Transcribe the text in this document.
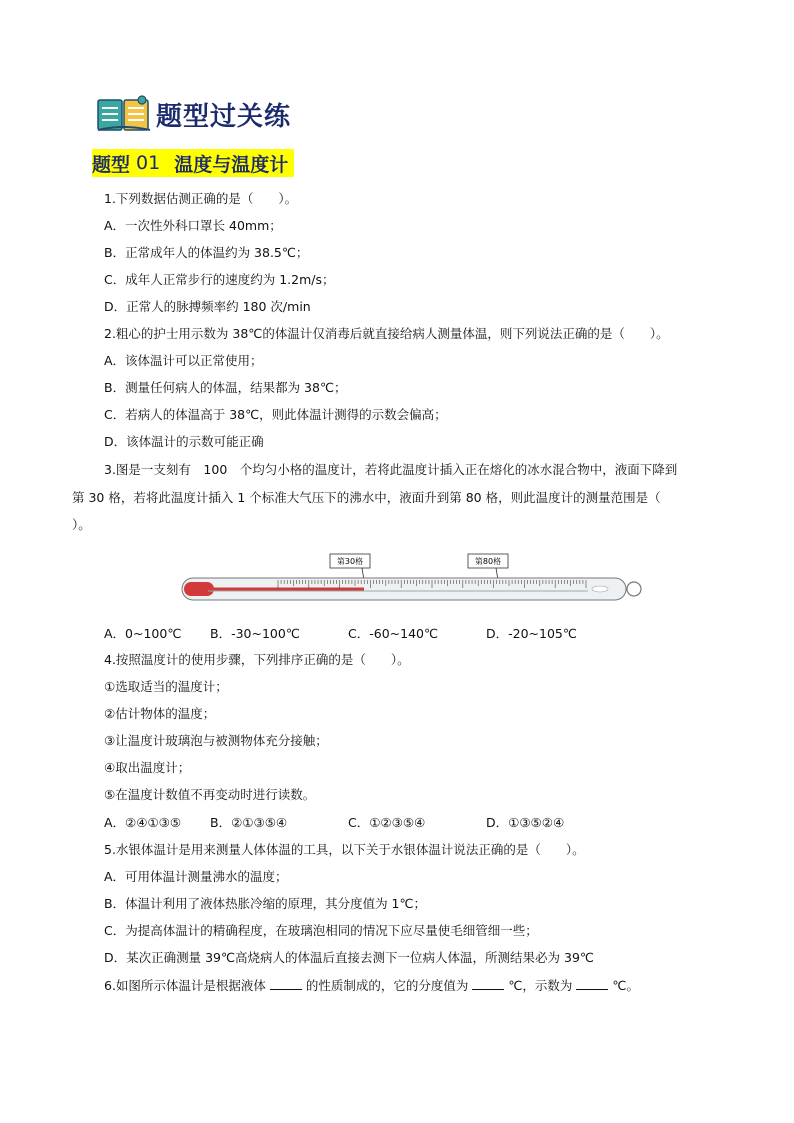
题型过关练
题型 01 温度与温度计
1.下列数据估测正确的是（　　）。
A．一次性外科口罩长 40mm；
B．正常成年人的体温约为 38.5℃；
C．成年人正常步行的速度约为 1.2m/s；
D．正常人的脉搏频率约 180 次/min
2.粗心的护士用示数为 38℃的体温计仅消毒后就直接给病人测量体温，则下列说法正确的是（　　）。
A．该体温计可以正常使用；
B．测量任何病人的体温，结果都为 38℃；
C．若病人的体温高于 38℃，则此体温计测得的示数会偏高；
D．该体温计的示数可能正确
3.图是一支刻有　100　个均匀小格的温度计，若将此温度计插入正在熔化的冰水混合物中，液面下降到
第 30 格，若将此温度计插入 1 个标准大气压下的沸水中，液面升到第 80 格，则此温度计的测量范围是（
）。
第30格	第80格
A．0~100℃ B．-30~100℃	C．-60~140℃	D．-20~105℃
4.按照温度计的使用步骤，下列排序正确的是（　　）。
①选取适当的温度计；
②估计物体的温度；
③让温度计玻璃泡与被测物体充分接触；
④取出温度计；
⑤在温度计数值不再变动时进行读数。
A．②④①③⑤ B．②①③⑤④	C．①②③⑤④	D．①③⑤②④
5.水银体温计是用来测量人体体温的工具，以下关于水银体温计说法正确的是（　　）。
A．可用体温计测量沸水的温度；
B．体温计利用了液体热胀冷缩的原理，其分度值为 1℃；
C．为提高体温计的精确程度，在玻璃泡相同的情况下应尽量使毛细管细一些；
D．某次正确测量 39℃高烧病人的体温后直接去测下一位病人体温，所测结果必为 39℃
6.如图所示体温计是根据液体	的性质制成的，它的分度值为	℃，示数为	℃。
